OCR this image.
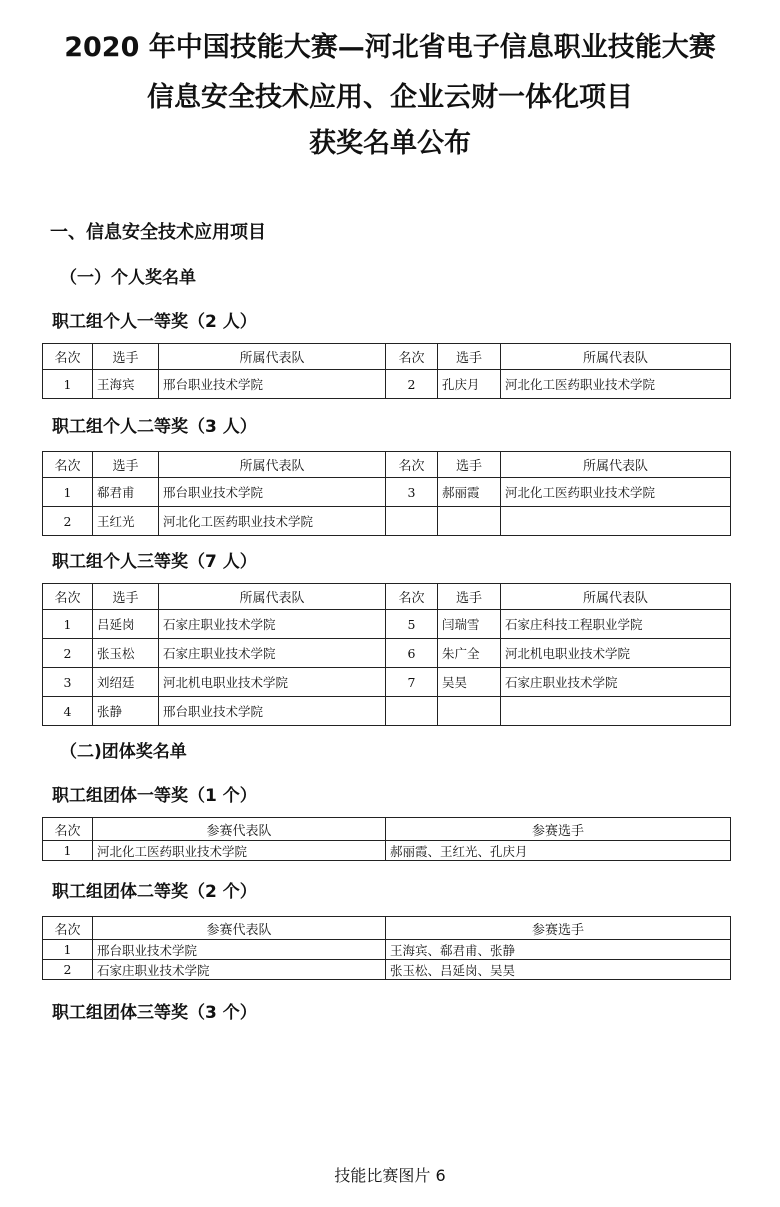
2020 年中国技能大赛—河北省电子信息职业技能大赛
信息安全技术应用、企业云财一体化项目
获奖名单公布
一、信息安全技术应用项目
（一）个人奖名单
职工组个人一等奖（2 人）
名次	选手	所属代表队	名次	选手	所属代表队
1	王海宾	邢台职业技术学院	2	孔庆月	河北化工医药职业技术学院
职工组个人二等奖（3 人）
名次	选手	所属代表队	名次	选手	所属代表队
1	郗君甫	邢台职业技术学院	3	郝丽霞	河北化工医药职业技术学院
2	王红光	河北化工医药职业技术学院			
职工组个人三等奖（7 人）
名次	选手	所属代表队	名次	选手	所属代表队
1	吕延岗	石家庄职业技术学院	5	闫瑞雪	石家庄科技工程职业学院
2	张玉松	石家庄职业技术学院	6	朱广全	河北机电职业技术学院
3	刘绍廷	河北机电职业技术学院	7	吴昊	石家庄职业技术学院
4	张静	邢台职业技术学院			
（二)团体奖名单
职工组团体一等奖（1 个）
名次	参赛代表队	参赛选手
1	河北化工医药职业技术学院	郝丽霞、王红光、孔庆月
职工组团体二等奖（2 个）
名次	参赛代表队	参赛选手
1	邢台职业技术学院	王海宾、郗君甫、张静
2	石家庄职业技术学院	张玉松、吕延岗、吴昊
职工组团体三等奖（3 个）
技能比赛图片 6
